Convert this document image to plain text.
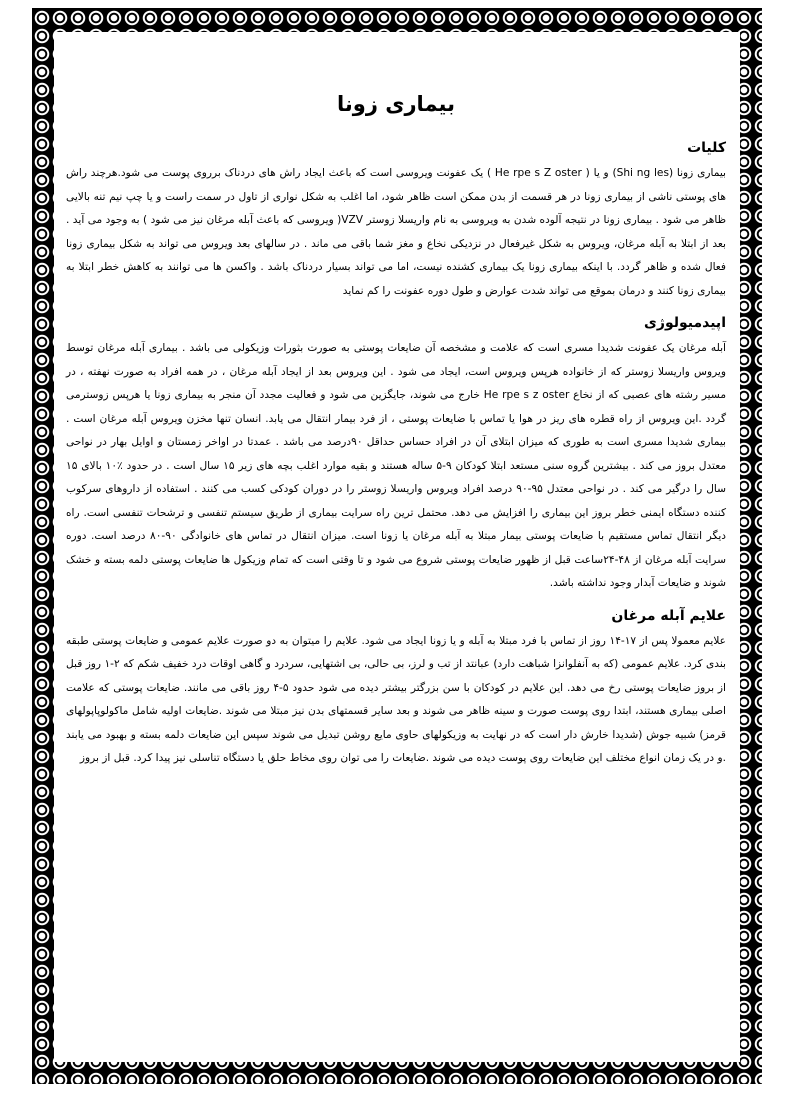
بیماری زونا
کلیات

بیماری زونا (Shi ng les) و یا ( He rpe s Z oster ) یک عفونت ویروسی است که باعث ایجاد راش های دردناک برروی پوست می شود.هرچند راش های پوستی ناشی از بیماری زونا در هر قسمت از بدن ممکن است ظاهر شود، اما اغلب به شکل نواری از تاول در سمت راست و یا چپ نیم تنه بالایی ظاهر می شود . بیماری زونا در نتیجه آلوده شدن به ویروسی به نام واریسلا زوستر VZV( ویروسی که باعث آبله مرغان نیز می شود ) به وجود می آید . بعد از ابتلا به آبله مرغان، ویروس به شکل غیرفعال در نزدیکی نخاع و مغز شما باقی می ماند . در سالهای بعد ویروس می تواند به شکل بیماری زونا فعال شده و ظاهر گردد. با اینکه بیماری زونا یک بیماری کشنده نیست، اما می تواند بسیار دردناک باشد . واکسن ها می توانند به کاهش خطر ابتلا به بیماری زونا کنند و درمان بموقع می تواند شدت عوارض و طول دوره عفونت را کم نماید

اپیدمیولوژی

آبله مرغان یک عفونت شدیدا مسری است که علامت و مشخصه آن ضایعات پوستی به صورت بثورات وزیکولی می باشد . بیماری آبله مرغان توسط ویروس واریسلا زوستر که از خانواده هرپس ویروس است، ایجاد می شود . این ویروس بعد از ایجاد آبله مرغان ، در همه افراد به صورت نهفته ، در مسیر رشته های عصبی که از نخاع He rpe s z oster خارج می شوند، جایگزین می شود و فعالیت مجدد آن منجر به بیماری زونا یا هرپس زوسترمی گردد .این ویروس از راه قطره های ریز در هوا یا تماس با ضایعات پوستی ، از فرد بیمار انتقال می یابد. انسان تنها مخزن ویروس آبله مرغان است . بیماری شدیدا مسری است به طوری که میزان ابتلای آن در افراد حساس حداقل ۹۰درصد می باشد . عمدتا در اواخر زمستان و اوایل بهار در نواحی معتدل بروز می کند . بیشترین گروه سنی مستعد ابتلا کودکان ۹-۵ ساله هستند و بقیه موارد اغلب بچه های زیر ۱۵ سال است . در حدود ٪۱۰ بالای ۱۵ سال را درگیر می کند . در نواحی معتدل ۹۵-۹۰ درصد افراد ویروس واریسلا زوستر را در دوران کودکی کسب می کنند . استفاده از داروهای سرکوب کننده دستگاه ایمنی خطر بروز این بیماری را افزایش می دهد. محتمل ترین راه سرایت بیماری از طریق سیستم تنفسی و ترشحات تنفسی است. راه دیگر انتقال تماس مستقیم با ضایعات پوستی بیمار مبتلا به آبله مرغان یا زونا است. میزان انتقال در تماس های خانوادگی ۹۰-۸۰ درصد است. دوره سرایت آبله مرغان از ۴۸-۲۴ساعت قبل از ظهور ضایعات پوستی شروع می شود و تا وقتی است که تمام وزیکول ها ضایعات پوستی دلمه بسته و خشک شوند و ضایعات آبدار وجود نداشته باشد.

علایم آبله مرغان

علایم معمولا پس از ۱۷-۱۴ روز از تماس با فرد مبتلا به آبله و یا زونا ایجاد می شود. علایم را میتوان به دو صورت علایم عمومی و ضایعات پوستی طبقه بندی کرد. علایم عمومی (که به آنفلوانزا شباهت دارد) عبانتد از تب و لرز، بی حالی، بی اشتهایی، سردرد و گاهی اوقات درد خفیف شکم که ۲-۱ روز قبل از بروز ضایعات پوستی رخ می دهد. این علایم در کودکان با سن بزرگتر بیشتر دیده می شود حدود ۵-۴ روز باقی می مانند. ضایعات پوستی که علامت اصلی بیماری هستند، ابتدا روی پوست صورت و سینه ظاهر می شوند و بعد سایر قسمتهای بدن نیز مبتلا می شوند .ضایعات اولیه شامل ماکولوپاپولهای قرمز) شبیه جوش (شدیدا خارش دار است که در نهایت به وزیکولهای حاوی مایع روشن تبدیل می شوند سپس این ضایعات دلمه بسته و بهبود می یابند .و در یک زمان انواع مختلف این ضایعات روی پوست دیده می شوند .ضایعات را می توان روی مخاط حلق یا دستگاه تناسلی نیز پیدا کرد. قبل از بروز
